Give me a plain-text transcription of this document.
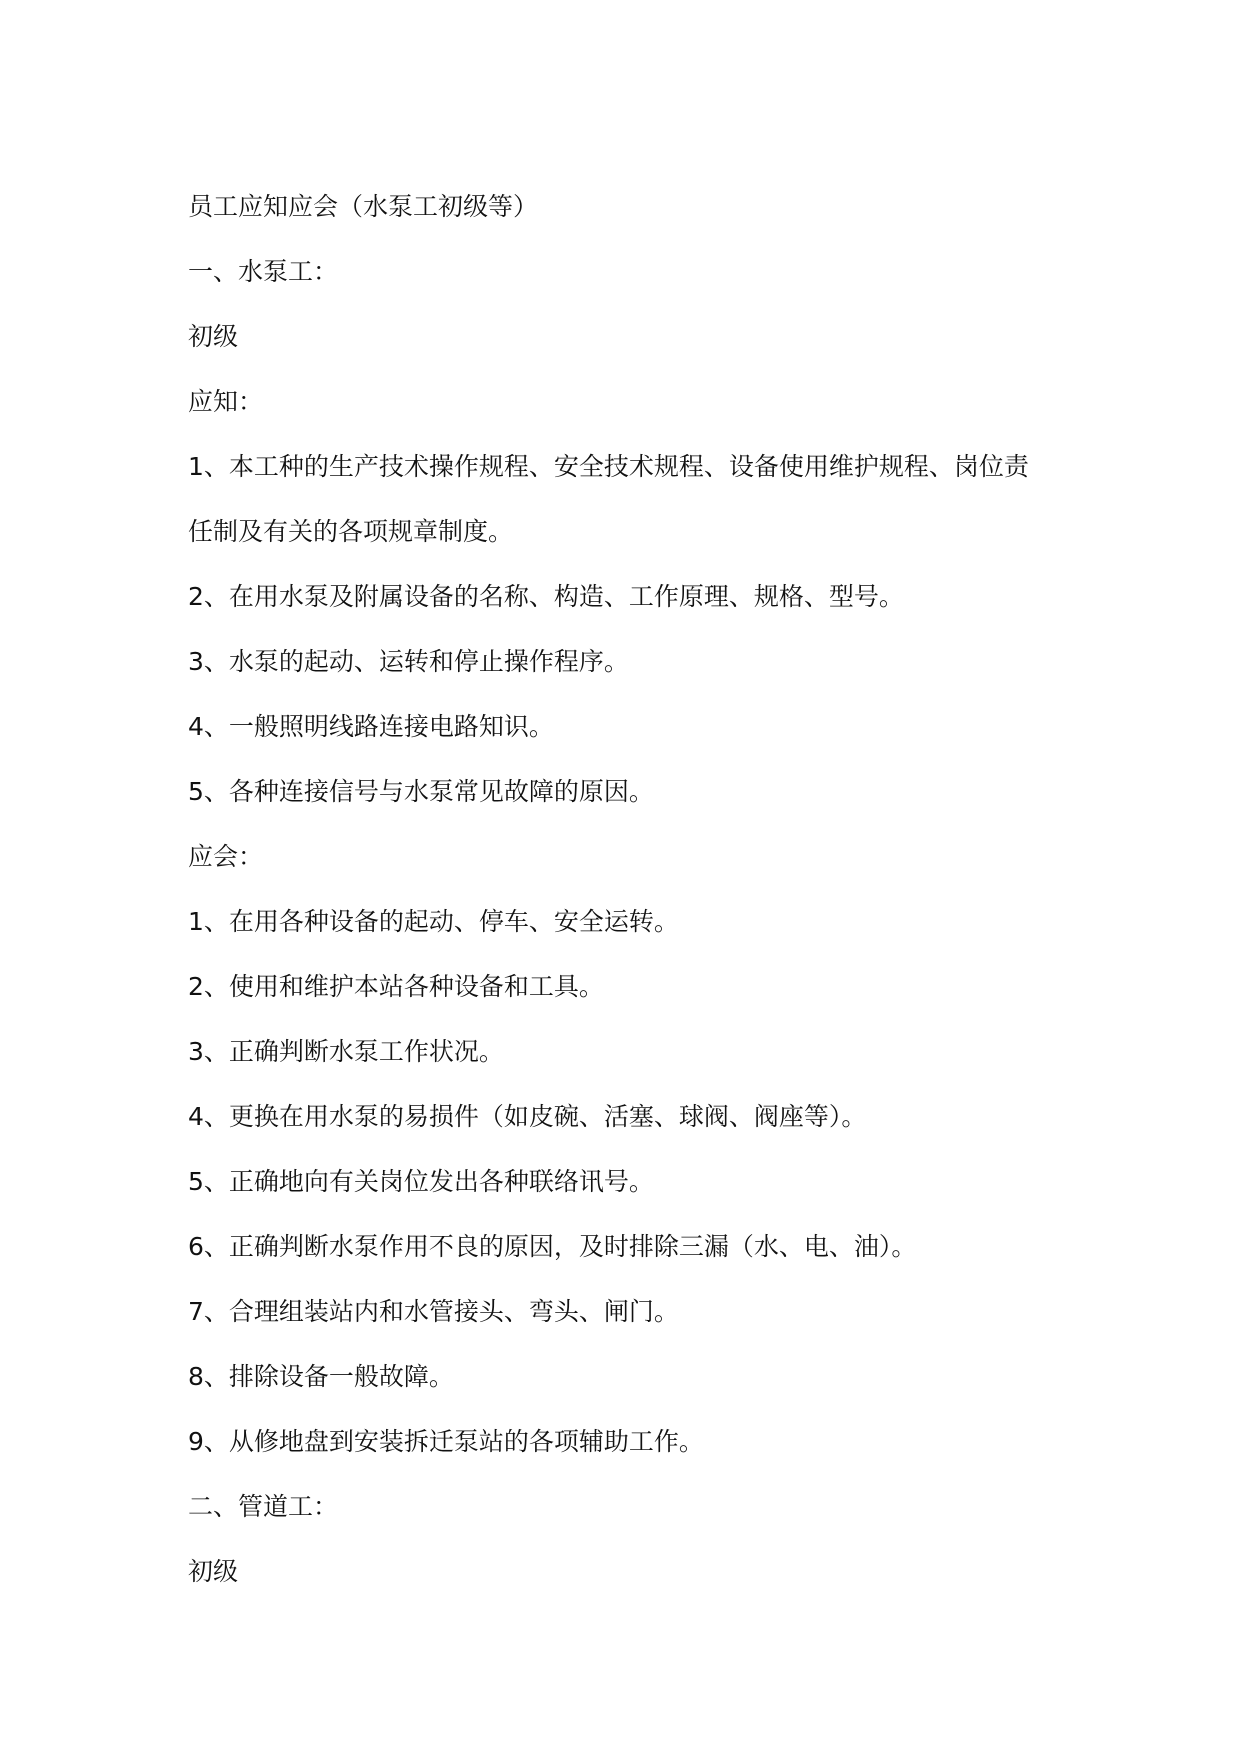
员工应知应会（水泵工初级等）
一、水泵工：
初级
应知：
1、本工种的生产技术操作规程、安全技术规程、设备使用维护规程、岗位责
任制及有关的各项规章制度。
2、在用水泵及附属设备的名称、构造、工作原理、规格、型号。
3、水泵的起动、运转和停止操作程序。
4、一般照明线路连接电路知识。
5、各种连接信号与水泵常见故障的原因。
应会：
1、在用各种设备的起动、停车、安全运转。
2、使用和维护本站各种设备和工具。
3、正确判断水泵工作状况。
4、更换在用水泵的易损件（如皮碗、活塞、球阀、阀座等）。
5、正确地向有关岗位发出各种联络讯号。
6、正确判断水泵作用不良的原因，及时排除三漏（水、电、油）。
7、合理组装站内和水管接头、弯头、闸门。
8、排除设备一般故障。
9、从修地盘到安装拆迁泵站的各项辅助工作。
二、管道工：
初级
